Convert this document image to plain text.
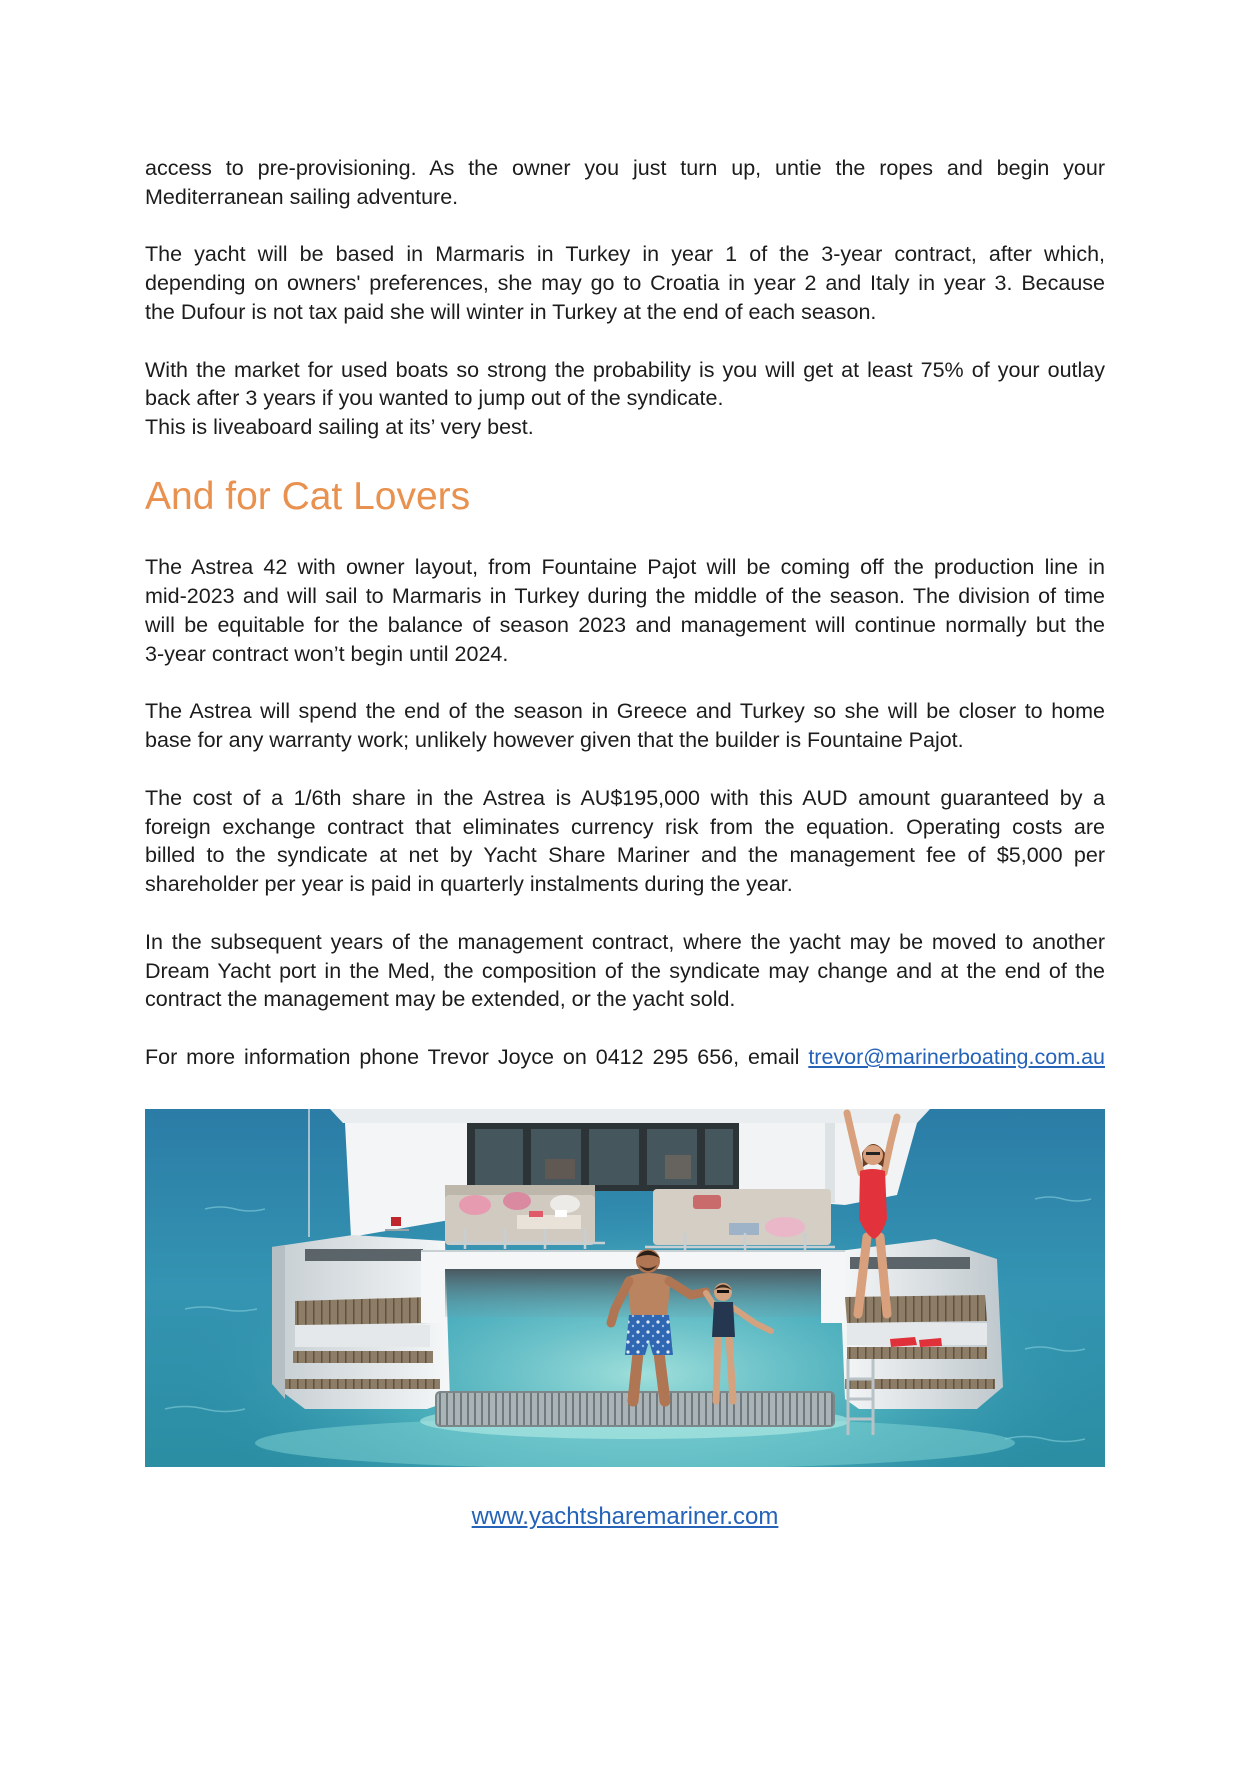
access to pre-provisioning. As the owner you just turn up, untie the ropes and begin your
Mediterranean sailing adventure.
The yacht will be based in Marmaris in Turkey in year 1 of the 3-year contract, after which,
depending on owners' preferences, she may go to Croatia in year 2 and Italy in year 3. Because
the Dufour is not tax paid she will winter in Turkey at the end of each season.
With the market for used boats so strong the probability is you will get at least 75% of your outlay
back after 3 years if you wanted to jump out of the syndicate.
This is liveaboard sailing at its’ very best.
And for Cat Lovers
The Astrea 42 with owner layout, from Fountaine Pajot will be coming off the production line in
mid-2023 and will sail to Marmaris in Turkey during the middle of the season. The division of time
will be equitable for the balance of season 2023 and management will continue normally but the
3-year contract won’t begin until 2024.
The Astrea will spend the end of the season in Greece and Turkey so she will be closer to home
base for any warranty work; unlikely however given that the builder is Fountaine Pajot.
The cost of a 1/6th share in the Astrea is AU$195,000 with this AUD amount guaranteed by a
foreign exchange contract that eliminates currency risk from the equation. Operating costs are
billed to the syndicate at net by Yacht Share Mariner and the management fee of $5,000 per
shareholder per year is paid in quarterly instalments during the year.
In the subsequent years of the management contract, where the yacht may be moved to another
Dream Yacht port in the Med, the composition of the syndicate may change and at the end of the
contract the management may be extended, or the yacht sold.
For more information phone Trevor Joyce on 0412 295 656, email trevor@marinerboating.com.au
www.yachtsharemariner.com
